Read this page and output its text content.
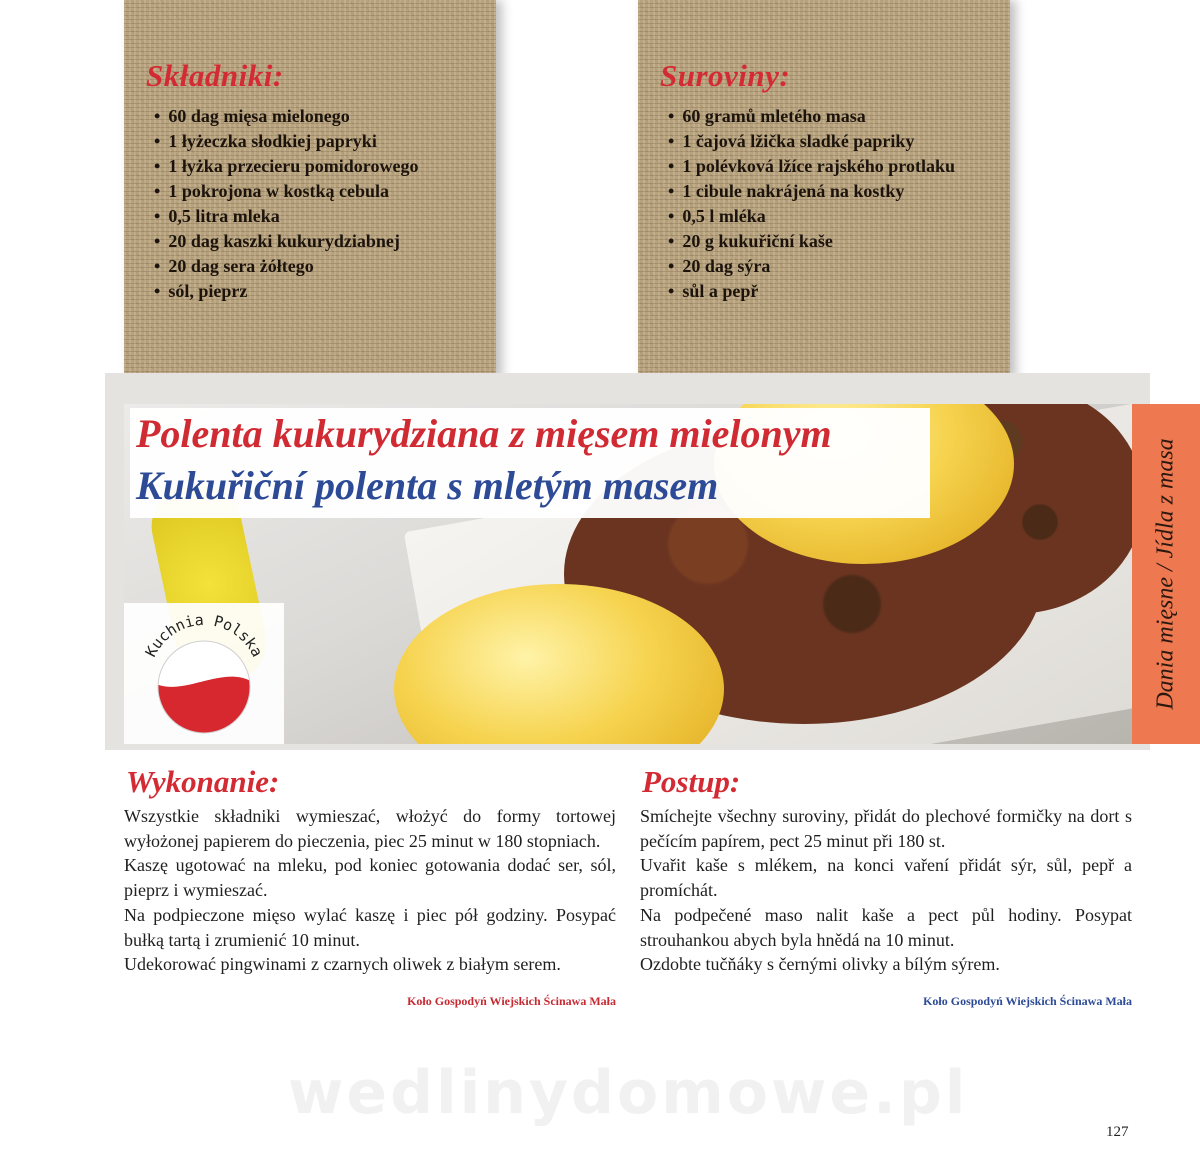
Składniki:
• 60 dag mięsa mielonego
• 1 łyżeczka słodkiej papryki
• 1 łyżka przecieru pomidorowego
• 1 pokrojona w kostką cebula
• 0,5 litra mleka
• 20 dag kaszki kukurydziabnej
• 20 dag sera żółtego
• sól, pieprz
Suroviny:
• 60 gramů mletého masa
• 1 čajová lžička sladké papriky
• 1 polévková lžíce rajského protlaku
• 1 cibule nakrájená na kostky
• 0,5 l mléka
• 20 g kukuřiční kaše
• 20 dag sýra
• sůl a pepř
Polenta kukurydziana z mięsem mielonym
Kukuřiční polenta s mletým masem
Kuchnia Polska	Dania mięsne / Jídla z masa
Wykonanie:

Wszystkie składniki wymieszać, włożyć do formy tortowej wyłożonej papierem do pieczenia, piec 25 minut w 180 stopniach.

Kaszę ugotować na mleku, pod koniec gotowania dodać ser, sól, pieprz i wymieszać.

Na podpieczone mięso wylać kaszę i piec pół godziny. Posypać bułką tartą i zrumienić 10 minut.

Udekorować pingwinami z czarnych oliwek z białym serem.

Koło Gospodyń Wiejskich Ścinawa Mała

Postup:

Smíchejte všechny suroviny, přidát do plechové formičky na dort s pečícím papírem, pect 25 minut při 180 st.

Uvařit kaše s mlékem, na konci vaření přidát sýr, sůl, pepř a promíchát.

Na podpečené maso nalit kaše a pect půl hodiny. Posypat strouhankou abych byla hnědá na 10 minut.

Ozdobte tučňáky s černými olivky a bílým sýrem.

Koło Gospodyń Wiejskich Ścinawa Mała

wedlinydomowe.pl
127
